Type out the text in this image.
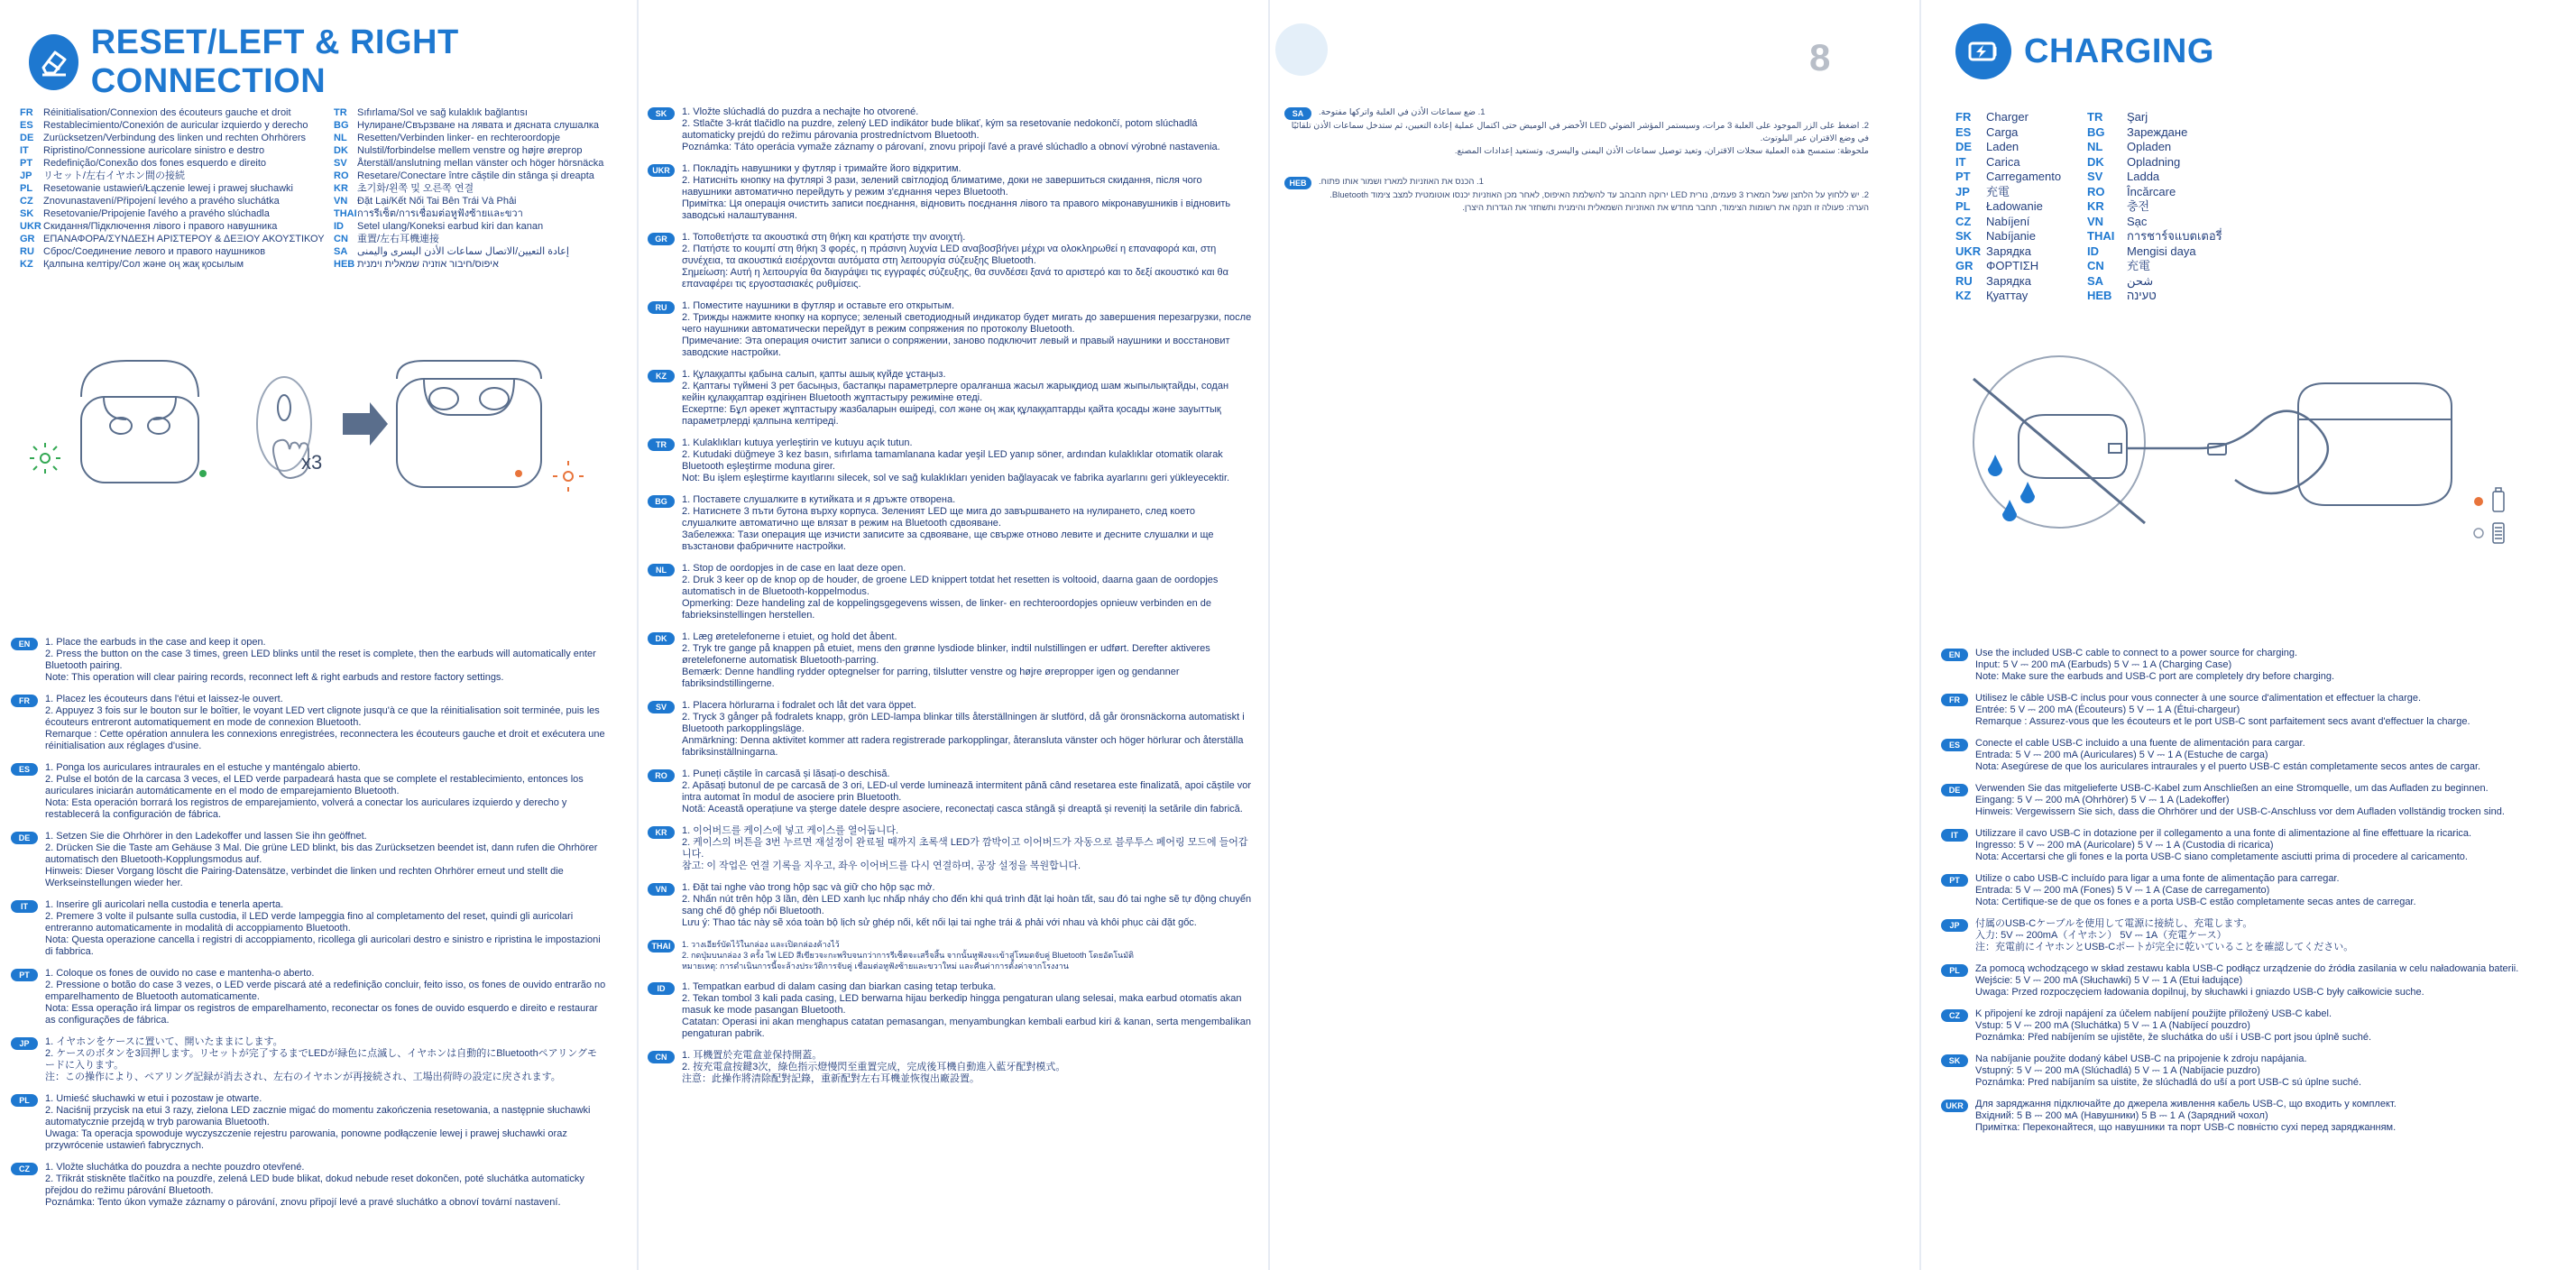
RESET/LEFT & RIGHT CONNECTION
FR Réinitialisation/Connexion des écouteurs gauche et droit
ES Restablecimiento/Conexión de auricular izquierdo y derecho
DE Zurücksetzen/Verbindung des linken und rechten Ohrhörers
IT Ripristino/Connessione auricolare sinistro e destro
PT Redefinição/Conexão dos fones esquerdo e direito
JP リセット/左右イヤホン間の接続
PL Resetowanie ustawień/Łączenie lewej i prawej słuchawki
CZ Znovunastavení/Připojení levého a pravého sluchátka
SK Resetovanie/Pripojenie ľavého a pravého slúchadla
UKR Скидання/Підключення лівого і правого навушника
GR ΕΠΑΝΑΦΟΡΑ/ΣΥΝΔΕΣΗ ΑΡΙΣΤΕΡΟΥ & ΔΕΞΙΟΥ ΑΚΟΥΣΤΙΚΟΥ
RU Сброс/Соединение левого и правого наушников
KZ Қалпына келтіру/Сол және оң жақ қосылым
TR Sıfırlama/Sol ve sağ kulaklık bağlantısı
BG Нулиране/Свързване на лявата и дясната слушалка
NL Resetten/Verbinden linker- en rechteroordopje
DK Nulstil/forbindelse mellem venstre og højre øreprop
SV Återställ/anslutning mellan vänster och höger hörsnäcka
RO Resetare/Conectare între căștile din stânga și dreapta
KR 초기화/왼쪽 및 오른쪽 연결
VN Đặt Lại/Kết Nối Tai Bên Trái Và Phải
THAIการรีเซ็ต/การเชื่อมต่อหูฟังซ้ายและขวา
ID Setel ulang/Koneksi earbud kiri dan kanan
CN 重置/左右耳機連接
SA إعادة التعيين/الاتصال سماعات الأذن اليسرى واليمنى
HEB איפוס/חיבור אוזניה שמאלית וימנית
x3
EN	1. Place the earbuds in the case and keep it open.
2. Press the button on the case 3 times, green LED blinks until the reset is complete, then the earbuds will automatically enter Bluetooth pairing.
Note: This operation will clear pairing records, reconnect left & right earbuds and restore factory settings.
FR	1. Placez les écouteurs dans l'étui et laissez-le ouvert.
2. Appuyez 3 fois sur le bouton sur le boîtier, le voyant LED vert clignote jusqu'à ce que la réinitialisation soit terminée, puis les écouteurs entreront automatiquement en mode de connexion Bluetooth.
Remarque : Cette opération annulera les connexions enregistrées, reconnectera les écouteurs gauche et droit et exécutera une réinitialisation aux réglages d'usine.
ES	1. Ponga los auriculares intraurales en el estuche y manténgalo abierto.
2. Pulse el botón de la carcasa 3 veces, el LED verde parpadeará hasta que se complete el restablecimiento, entonces los auriculares iniciarán automáticamente en el modo de emparejamiento Bluetooth.
Nota: Esta operación borrará los registros de emparejamiento, volverá a conectar los auriculares izquierdo y derecho y restablecerá la configuración de fábrica.
DE	1. Setzen Sie die Ohrhörer in den Ladekoffer und lassen Sie ihn geöffnet.
2. Drücken Sie die Taste am Gehäuse 3 Mal. Die grüne LED blinkt, bis das Zurücksetzen beendet ist, dann rufen die Ohrhörer automatisch den Bluetooth-Kopplungsmodus auf.
Hinweis: Dieser Vorgang löscht die Pairing-Datensätze, verbindet die linken und rechten Ohrhörer erneut und stellt die Werkseinstellungen wieder her.
IT	1. Inserire gli auricolari nella custodia e tenerla aperta.
2. Premere 3 volte il pulsante sulla custodia, il LED verde lampeggia fino al completamento del reset, quindi gli auricolari entreranno automaticamente in modalità di accoppiamento Bluetooth.
Nota: Questa operazione cancella i registri di accoppiamento, ricollega gli auricolari destro e sinistro e ripristina le impostazioni di fabbrica.
PT	1. Coloque os fones de ouvido no case e mantenha-o aberto.
2. Pressione o botão do case 3 vezes, o LED verde piscará até a redefinição concluir, feito isso, os fones de ouvido entrarão no emparelhamento de Bluetooth automaticamente.
Nota: Essa operação irá limpar os registros de emparelhamento, reconectar os fones de ouvido esquerdo e direito e restaurar as configurações de fábrica.
JP	1. イヤホンをケースに置いて、開いたままにします。
2. ケースのボタンを3回押します。リセットが完了するまでLEDが緑色に点滅し、イヤホンは自動的にBluetoothペアリングモードに入ります。
注：この操作により、ペアリング記録が消去され、左右のイヤホンが再接続され、工場出荷時の設定に戻されます。
PL	1. Umieść słuchawki w etui i pozostaw je otwarte.
2. Naciśnij przycisk na etui 3 razy, zielona LED zacznie migać do momentu zakończenia resetowania, a następnie słuchawki automatycznie przejdą w tryb parowania Bluetooth.
Uwaga: Ta operacja spowoduje wyczyszczenie rejestru parowania, ponowne podłączenie lewej i prawej słuchawki oraz przywrócenie ustawień fabrycznych.
CZ	1. Vložte sluchátka do pouzdra a nechte pouzdro otevřené.
2. Třikrát stiskněte tlačítko na pouzdře, zelená LED bude blikat, dokud nebude reset dokončen, poté sluchátka automaticky přejdou do režimu párování Bluetooth.
Poznámka: Tento úkon vymaže záznamy o párování, znovu připojí levé a pravé sluchátko a obnoví tovární nastavení.
SK	1. Vložte slúchadlá do puzdra a nechajte ho otvorené.
2. Stlačte 3-krát tlačidlo na puzdre, zelený LED indikátor bude blikať, kým sa resetovanie nedokončí, potom slúchadlá automaticky prejdú do režimu párovania prostredníctvom Bluetooth.
Poznámka: Táto operácia vymaže záznamy o párovaní, znovu pripojí ľavé a pravé slúchadlo a obnoví výrobné nastavenia.
UKR	1. Покладіть навушники у футляр і тримайте його відкритим.
2. Натисніть кнопку на футлярі 3 рази, зелений світлодіод блиматиме, доки не завершиться скидання, після чого навушники автоматично перейдуть у режим з'єднання через Bluetooth.
Примітка: Ця операція очистить записи поєднання, відновить поєднання лівого та правого мікронавушників і відновить заводські налаштування.
GR	1. Τοποθετήστε τα ακουστικά στη θήκη και κρατήστε την ανοιχτή.
2. Πατήστε το κουμπί στη θήκη 3 φορές, η πράσινη λυχνία LED αναβοσβήνει μέχρι να ολοκληρωθεί η επαναφορά και, στη συνέχεια, τα ακουστικά εισέρχονται αυτόματα στη λειτουργία σύζευξης Bluetooth.
Σημείωση: Αυτή η λειτουργία θα διαγράψει τις εγγραφές σύζευξης, θα συνδέσει ξανά το αριστερό και το δεξί ακουστικό και θα επαναφέρει τις εργοστασιακές ρυθμίσεις.
RU	1. Поместите наушники в футляр и оставьте его открытым.
2. Трижды нажмите кнопку на корпусе; зеленый светодиодный индикатор будет мигать до завершения перезагрузки, после чего наушники автоматически перейдут в режим сопряжения по протоколу Bluetooth.
Примечание: Эта операция очистит записи о сопряжении, заново подключит левый и правый наушники и восстановит заводские настройки.
KZ	1. Құлаққапты қабына салып, қапты ашық күйде ұстаңыз.
2. Қаптағы түймені 3 рет басыңыз, бастапқы параметрлерге оралғанша жасыл жарықдиод шам жыпылықтайды, содан кейін құлаққаптар өздігінен Bluetooth жұптастыру режиміне өтеді.
Ескертпе: Бұл әрекет жұптастыру жазбаларын өшіреді, сол және оң жақ құлаққаптарды қайта қосады және зауыттық параметрлерді қалпына келтіреді.
TR	1. Kulaklıkları kutuya yerleştirin ve kutuyu açık tutun.
2. Kutudaki düğmeye 3 kez basın, sıfırlama tamamlanana kadar yeşil LED yanıp söner, ardından kulaklıklar otomatik olarak Bluetooth eşleştirme moduna girer.
Not: Bu işlem eşleştirme kayıtlarını silecek, sol ve sağ kulaklıkları yeniden bağlayacak ve fabrika ayarlarını geri yükleyecektir.
BG	1. Поставете слушалките в кутийката и я дръжте отворена.
2. Натиснете 3 пъти бутона върху корпуса. Зеленият LED ще мига до завършването на нулирането, след което слушалките автоматично ще влязат в режим на Bluetooth сдвояване.
Забележка: Тази операция ще изчисти записите за сдвояване, ще свърже отново левите и десните слушалки и ще възстанови фабричните настройки.
NL	1. Stop de oordopjes in de case en laat deze open.
2. Druk 3 keer op de knop op de houder, de groene LED knippert totdat het resetten is voltooid, daarna gaan de oordopjes automatisch in de Bluetooth-koppelmodus.
Opmerking: Deze handeling zal de koppelingsgegevens wissen, de linker- en rechteroordopjes opnieuw verbinden en de fabrieksinstellingen herstellen.
DK	1. Læg øretelefonerne i etuiet, og hold det åbent.
2. Tryk tre gange på knappen på etuiet, mens den grønne lysdiode blinker, indtil nulstillingen er udført. Derefter aktiveres øretelefonerne automatisk Bluetooth-parring.
Bemærk: Denne handling rydder optegnelser for parring, tilslutter venstre og højre ørepropper igen og gendanner fabriksindstillingerne.
SV	1. Placera hörlurarna i fodralet och låt det vara öppet.
2. Tryck 3 gånger på fodralets knapp, grön LED-lampa blinkar tills återställningen är slutförd, då går öronsnäckorna automatiskt i Bluetooth parkopplingsläge.
Anmärkning: Denna aktivitet kommer att radera registrerade parkopplingar, återansluta vänster och höger hörlurar och återställa fabriksinställningarna.
RO	1. Puneți căștile în carcasă și lăsați-o deschisă.
2. Apăsați butonul de pe carcasă de 3 ori, LED-ul verde luminează intermitent până când resetarea este finalizată, apoi căștile vor intra automat în modul de asociere prin Bluetooth.
Notă: Această operațiune va șterge datele despre asociere, reconectați casca stângă și dreaptă și reveniți la setările din fabrică.
KR	1. 이어버드를 케이스에 넣고 케이스를 열어둡니다.
2. 케이스의 버튼을 3번 누르면 재설정이 완료될 때까지 초록색 LED가 깜박이고 이어버드가 자동으로 블루투스 페어링 모드에 들어갑니다.
참고: 이 작업은 연결 기록을 지우고, 좌우 이어버드를 다시 연결하며, 공장 설정을 복원합니다.
VN	1. Đặt tai nghe vào trong hộp sạc và giữ cho hộp sạc mở.
2. Nhấn nút trên hộp 3 lần, đèn LED xanh lục nhấp nháy cho đến khi quá trình đặt lại hoàn tất, sau đó tai nghe sẽ tự động chuyển sang chế độ ghép nối Bluetooth.
Lưu ý: Thao tác này sẽ xóa toàn bộ lịch sử ghép nối, kết nối lại tai nghe trái & phải với nhau và khôi phục cài đặt gốc.
THAI	1. วางเอียร์บัดไว้ในกล่อง และเปิดกล่องค้างไว้
2. กดปุ่มบนกล่อง 3 ครั้ง ไฟ LED สีเขียวจะกะพริบจนกว่าการรีเซ็ตจะเสร็จสิ้น จากนั้นหูฟังจะเข้าสู่โหมดจับคู่ Bluetooth โดยอัตโนมัติ
หมายเหตุ: การดำเนินการนี้จะล้างประวัติการจับคู่ เชื่อมต่อหูฟังซ้ายและขวาใหม่ และคืนค่าการตั้งค่าจากโรงงาน
ID	1. Tempatkan earbud di dalam casing dan biarkan casing tetap terbuka.
2. Tekan tombol 3 kali pada casing, LED berwarna hijau berkedip hingga pengaturan ulang selesai, maka earbud otomatis akan masuk ke mode pasangan Bluetooth.
Catatan: Operasi ini akan menghapus catatan pemasangan, menyambungkan kembali earbud kiri & kanan, serta mengembalikan pengaturan pabrik.
CN	1. 耳機置於充電盒並保持開蓋。
2. 按充電盒按鍵3次，綠色指示燈慢閃至重置完成，完成後耳機自動進入藍牙配對模式。
注意：此操作將清除配對記錄，重新配對左右耳機並恢復出廠設置。
8
SA	1. ضع سماعات الأذن في العلبة واتركها مفتوحة.
2. اضغط على الزر الموجود على العلبة 3 مرات، وسيستمر المؤشر الضوئي LED الأخضر في الوميض حتى اكتمال عملية إعادة التعيين، ثم ستدخل سماعات الأذن تلقائيًا في وضع الاقتران عبر البلوتوث.
ملحوظة: ستمسح هذه العملية سجلات الاقتران، وتعيد توصيل سماعات الأذن اليمنى واليسرى، وتستعيد إعدادات المصنع.
HEB	1. הכנס את האוזניות למארז ושמור אותו פתוח.
2. יש ללחוץ על הלחצן שעל המארז 3 פעמים, נורית LED ירוקה תהבהב עד להשלמת האיפוס, לאחר מכן האוזניות יכנסו אוטומטית למצב צימוד Bluetooth.
הערה: פעולה זו תנקה את רשומות הצימוד, תחבר מחדש את האוזניות השמאלית והימנית ותשחזר את הגדרות היצרן.
CHARGING
FR Charger
ES Carga
DE Laden
IT Carica
PT Carregamento
JP 充電
PL Ładowanie
CZ Nabíjení
SK Nabíjanie
UKR Зарядка
GR ΦΟΡΤΙΣΗ
RU Зарядка
KZ Қуаттау
TR Şarj
BG Зареждане
NL Opladen
DK Opladning
SV Ladda
RO Încărcare
KR 충전
VN Sạc
THAI การชาร์จแบตเตอรี่
ID Mengisi daya
CN 充電
SA شحن
HEB טעינה
EN	Use the included USB-C cable to connect to a power source for charging.
Input: 5 V ⎓ 200 mA (Earbuds) 5 V ⎓ 1 A (Charging Case)
Note: Make sure the earbuds and USB-C port are completely dry before charging.
FR	Utilisez le câble USB-C inclus pour vous connecter à une source d'alimentation et effectuer la charge.
Entrée: 5 V ⎓ 200 mA (Écouteurs) 5 V ⎓ 1 A (Étui-chargeur)
Remarque : Assurez-vous que les écouteurs et le port USB-C sont parfaitement secs avant d'effectuer la charge.
ES	Conecte el cable USB-C incluido a una fuente de alimentación para cargar.
Entrada: 5 V ⎓ 200 mA (Auriculares) 5 V ⎓ 1 A (Estuche de carga)
Nota: Asegúrese de que los auriculares intraurales y el puerto USB-C están completamente secos antes de cargar.
DE	Verwenden Sie das mitgelieferte USB-C-Kabel zum Anschließen an eine Stromquelle, um das Aufladen zu beginnen.
Eingang: 5 V ⎓ 200 mA (Ohrhörer) 5 V ⎓ 1 A (Ladekoffer)
Hinweis: Vergewissern Sie sich, dass die Ohrhörer und der USB-C-Anschluss vor dem Aufladen vollständig trocken sind.
IT	Utilizzare il cavo USB-C in dotazione per il collegamento a una fonte di alimentazione al fine effettuare la ricarica.
Ingresso: 5 V ⎓ 200 mA (Auricolare) 5 V ⎓ 1 A (Custodia di ricarica)
Nota: Accertarsi che gli fones e la porta USB-C siano completamente asciutti prima di procedere al caricamento.
PT	Utilize o cabo USB-C incluído para ligar a uma fonte de alimentação para carregar.
Entrada: 5 V ⎓ 200 mA (Fones) 5 V ⎓ 1 A (Case de carregamento)
Nota: Certifique-se de que os fones e a porta USB-C estão completamente secas antes de carregar.
JP	付属のUSB-Cケーブルを使用して電源に接続し、充電します。
入力: 5V ⎓ 200mA（イヤホン） 5V ⎓ 1A（充電ケース）
注：充電前にイヤホンとUSB-Cポートが完全に乾いていることを確認してください。
PL	Za pomocą wchodzącego w skład zestawu kabla USB-C podłącz urządzenie do źródła zasilania w celu naładowania baterii.
Wejście: 5 V ⎓ 200 mA (Słuchawki) 5 V ⎓ 1 A (Etui ładujące)
Uwaga: Przed rozpoczęciem ładowania dopilnuj, by słuchawki i gniazdo USB-C były całkowicie suche.
CZ	K připojení ke zdroji napájení za účelem nabíjení použijte přiložený USB-C kabel.
Vstup: 5 V ⎓ 200 mA (Sluchátka) 5 V ⎓ 1 A (Nabíjecí pouzdro)
Poznámka: Před nabíjením se ujistěte, že sluchátka do uší i USB-C port jsou úplně suché.
SK	Na nabíjanie použite dodaný kábel USB-C na pripojenie k zdroju napájania.
Vstupný: 5 V ⎓ 200 mA (Slúchadlá) 5 V ⎓ 1 A (Nabíjacie puzdro)
Poznámka: Pred nabíjaním sa uistite, že slúchadlá do uší a port USB-C sú úplne suché.
UKR	Для заряджання підключайте до джерела живлення кабель USB-C, що входить у комплект.
Вхідний: 5 В ⎓ 200 мА (Навушники) 5 В ⎓ 1 А (Зарядний чохол)
Примітка: Переконайтеся, що навушники та порт USB-C повністю сухі перед заряджанням.
